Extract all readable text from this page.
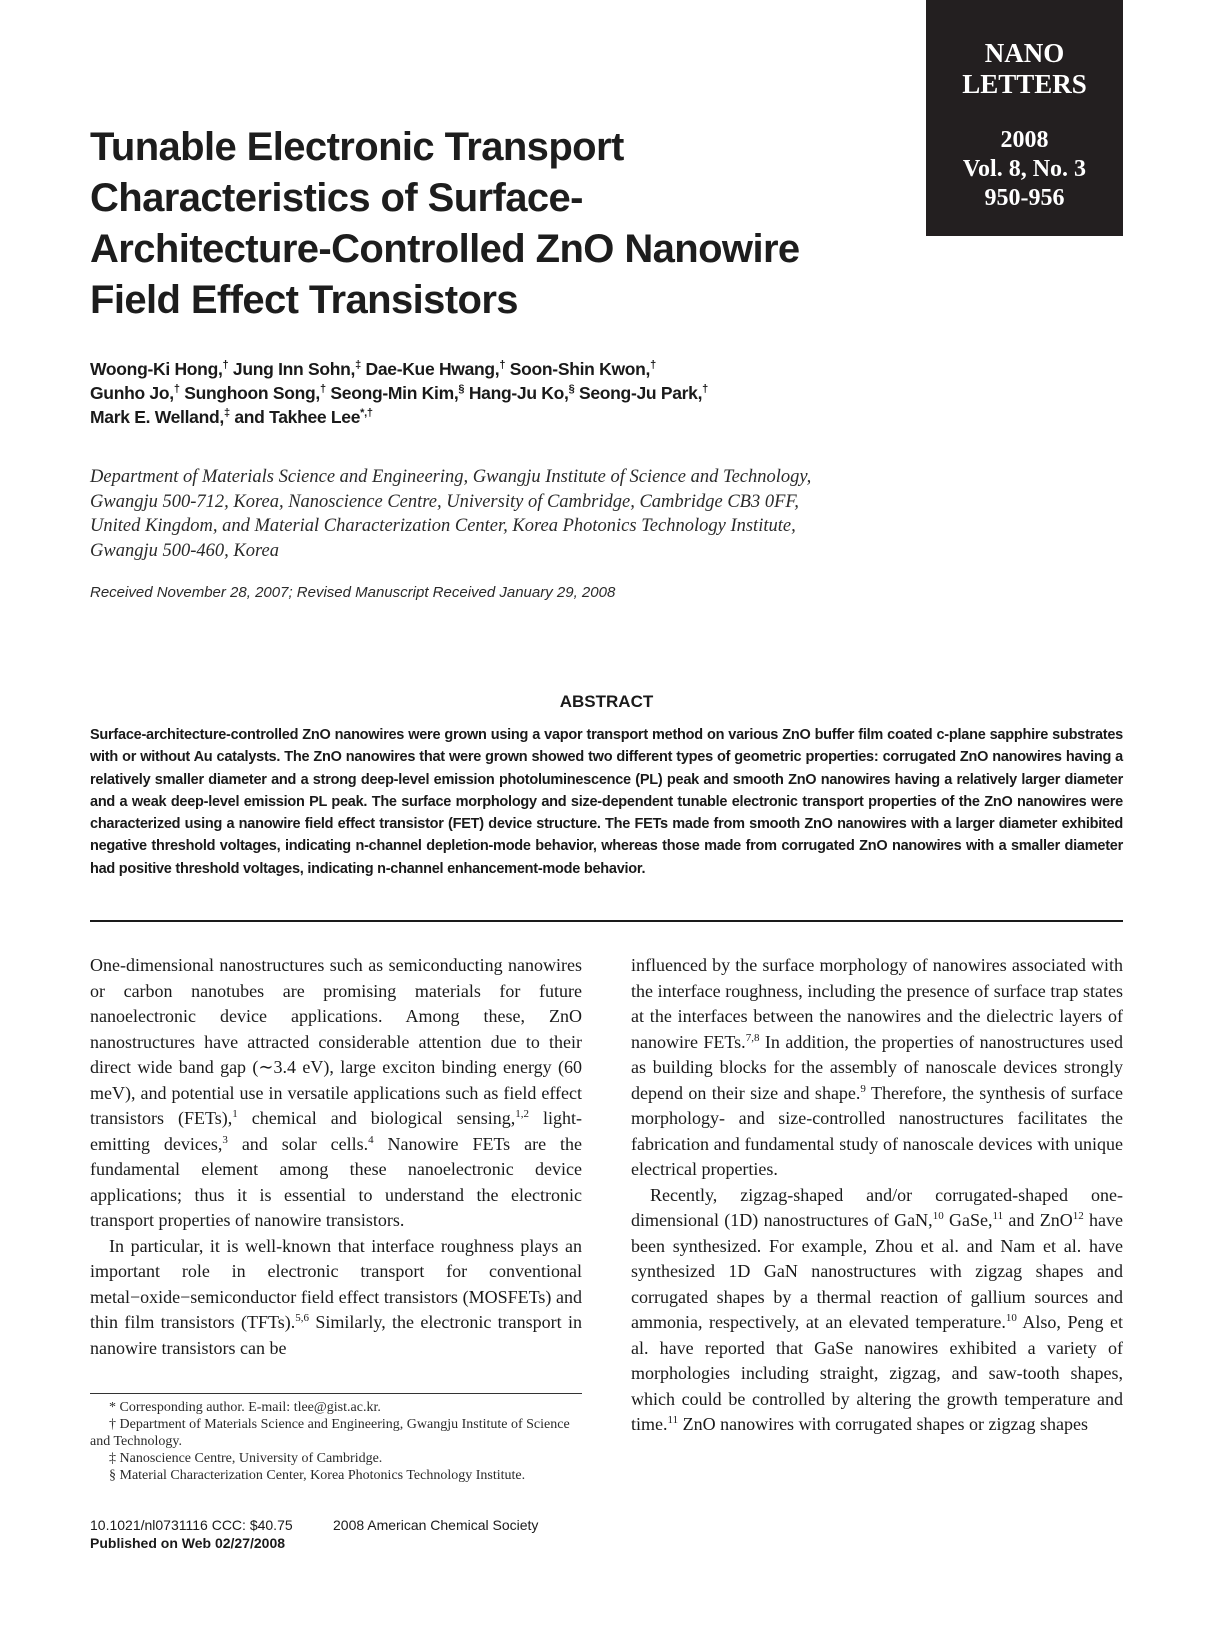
NANO
LETTERS
2008
Vol. 8, No. 3
950-956
Tunable Electronic Transport Characteristics of Surface-Architecture-Controlled ZnO Nanowire Field Effect Transistors

Woong-Ki Hong,† Jung Inn Sohn,‡ Dae-Kue Hwang,† Soon-Shin Kwon,†
Gunho Jo,† Sunghoon Song,† Seong-Min Kim,§ Hang-Ju Ko,§ Seong-Ju Park,†
Mark E. Welland,‡ and Takhee Lee*,†

Department of Materials Science and Engineering, Gwangju Institute of Science and Technology, Gwangju 500-712, Korea, Nanoscience Centre, University of Cambridge, Cambridge CB3 0FF, United Kingdom, and Material Characterization Center, Korea Photonics Technology Institute, Gwangju 500-460, Korea

Received November 28, 2007; Revised Manuscript Received January 29, 2008

ABSTRACT

Surface-architecture-controlled ZnO nanowires were grown using a vapor transport method on various ZnO buffer film coated c-plane sapphire substrates with or without Au catalysts. The ZnO nanowires that were grown showed two different types of geometric properties: corrugated ZnO nanowires having a relatively smaller diameter and a strong deep-level emission photoluminescence (PL) peak and smooth ZnO nanowires having a relatively larger diameter and a weak deep-level emission PL peak. The surface morphology and size-dependent tunable electronic transport properties of the ZnO nanowires were characterized using a nanowire field effect transistor (FET) device structure. The FETs made from smooth ZnO nanowires with a larger diameter exhibited negative threshold voltages, indicating n-channel depletion-mode behavior, whereas those made from corrugated ZnO nanowires with a smaller diameter had positive threshold voltages, indicating n-channel enhancement-mode behavior.

One-dimensional nanostructures such as semiconducting nanowires or carbon nanotubes are promising materials for future nanoelectronic device applications. Among these, ZnO nanostructures have attracted considerable attention due to their direct wide band gap (∼3.4 eV), large exciton binding energy (60 meV), and potential use in versatile applications such as field effect transistors (FETs),$^1$ chemical and biological sensing,$^{1,2}$ light-emitting devices,$^3$ and solar cells.$^4$ Nanowire FETs are the fundamental element among these nanoelectronic device applications; thus it is essential to understand the electronic transport properties of nanowire transistors.

In particular, it is well-known that interface roughness plays an important role in electronic transport for conventional metal−oxide−semiconductor field effect transistors (MOSFETs) and thin film transistors (TFTs).$^{5,6}$ Similarly, the electronic transport in nanowire transistors can be

influenced by the surface morphology of nanowires associated with the interface roughness, including the presence of surface trap states at the interfaces between the nanowires and the dielectric layers of nanowire FETs.$^{7,8}$ In addition, the properties of nanostructures used as building blocks for the assembly of nanoscale devices strongly depend on their size and shape.$^9$ Therefore, the synthesis of surface morphology- and size-controlled nanostructures facilitates the fabrication and fundamental study of nanoscale devices with unique electrical properties.

Recently, zigzag-shaped and/or corrugated-shaped one-dimensional (1D) nanostructures of GaN,$^{10}$ GaSe,$^{11}$ and ZnO$^{12}$ have been synthesized. For example, Zhou et al. and Nam et al. have synthesized 1D GaN nanostructures with zigzag shapes and corrugated shapes by a thermal reaction of gallium sources and ammonia, respectively, at an elevated temperature.$^{10}$ Also, Peng et al. have reported that GaSe nanowires exhibited a variety of morphologies including straight, zigzag, and saw-tooth shapes, which could be controlled by altering the growth temperature and time.$^{11}$ ZnO nanowires with corrugated shapes or zigzag shapes

* Corresponding author. E-mail: tlee@gist.ac.kr.

† Department of Materials Science and Engineering, Gwangju Institute of Science and Technology.

‡ Nanoscience Centre, University of Cambridge.

§ Material Characterization Center, Korea Photonics Technology Institute.

10.1021/nl0731116 CCC: $40.75
Published on Web 02/27/2008
2008 American Chemical Society
